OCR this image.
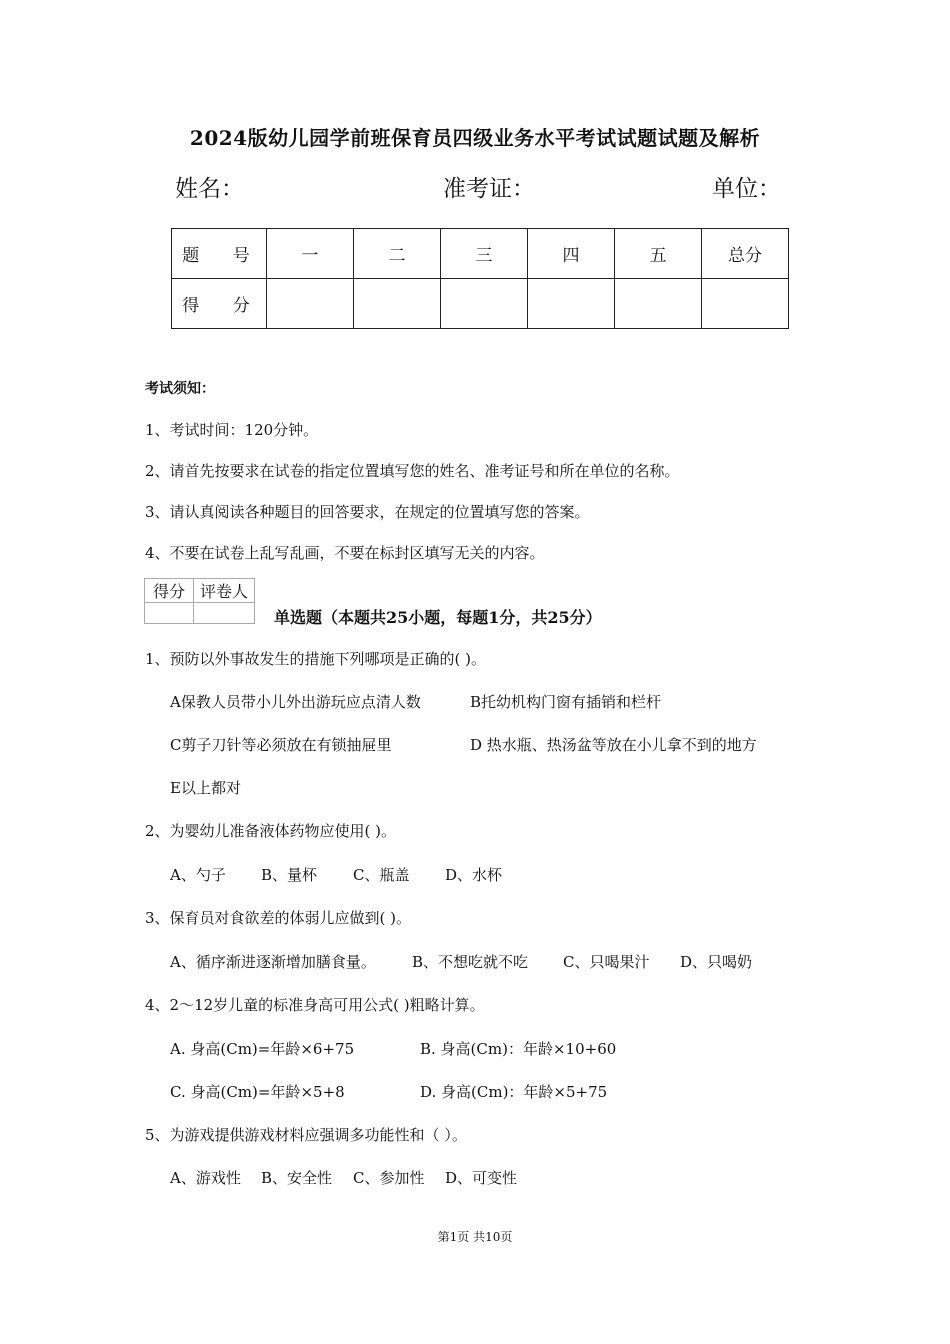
2024版幼儿园学前班保育员四级业务水平考试试题试题及解析
姓名：	准考证：	单位：
题 号	一	二	三	四	五	总分
得 分						
考试须知：
1、考试时间：120分钟。
2、请首先按要求在试卷的指定位置填写您的姓名、准考证号和所在单位的名称。
3、请认真阅读各种题目的回答要求，在规定的位置填写您的答案。
4、不要在试卷上乱写乱画，不要在标封区填写无关的内容。
得分	评卷人

单选题（本题共25小题，每题1分，共25分）
1、预防以外事故发生的措施下列哪项是正确的( )。
A保教人员带小儿外出游玩应点清人数	B托幼机构门窗有插销和栏杆
C剪子刀针等必须放在有锁抽屉里	D 热水瓶、热汤盆等放在小儿拿不到的地方
E以上都对
2、为婴幼儿准备液体药物应使用( )。
A、勺子 B、量杯 C、瓶盖 D、水杯
3、保育员对食欲差的体弱儿应做到( )。
A、循序渐进逐渐增加膳食量。 B、不想吃就不吃 C、只喝果汁 D、只喝奶
4、2～12岁儿童的标准身高可用公式( )粗略计算。
A. 身高(Cm)=年龄×6+75	B. 身高(Cm)：年龄×10+60
C. 身高(Cm)=年龄×5+8	D. 身高(Cm)：年龄×5+75
5、为游戏提供游戏材料应强调多功能性和（ ）。
A、游戏性 B、安全性 C、参加性 D、可变性
第1页 共10页
